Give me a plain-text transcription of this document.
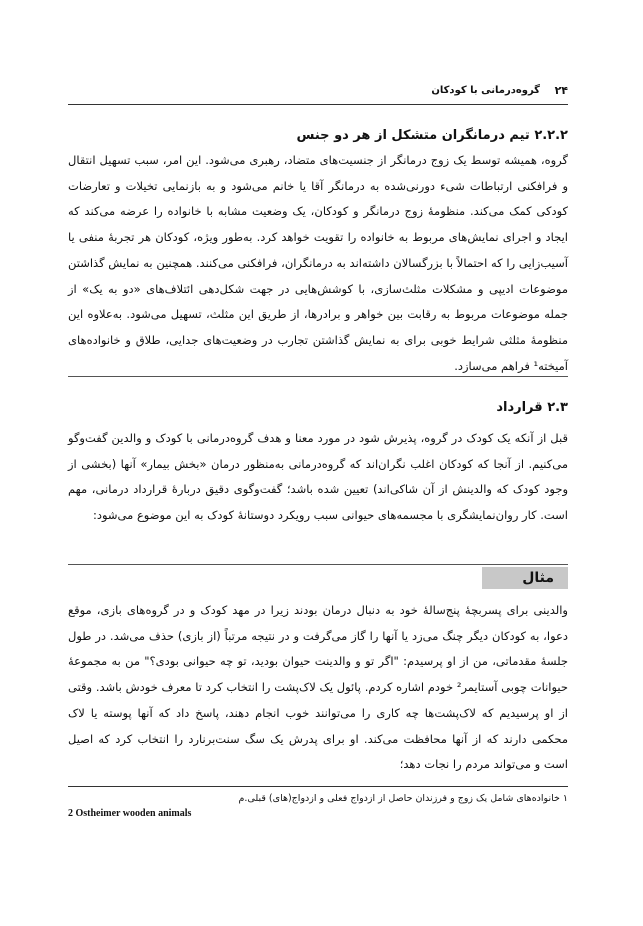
۲۴
گروه‌درمانی با کودکان
۲.۲.۲ تیم درمانگران متشکل از هر دو جنس

گروه، همیشه توسط یک زوج درمانگر از جنسیت‌های متضاد، رهبری می‌شود. این امر، سبب تسهیل انتقال و فرافکنی ارتباطات شیء دورنی‌شده به درمانگر آقا یا خانم می‌شود و به بازنمایی تخیلات و تعارضات کودکی کمک می‌کند. منظومهٔ زوج درمانگر و کودکان، یک وضعیت مشابه با خانواده را عرضه می‌کند که ایجاد و اجرای نمایش‌های مربوط به خانواده را تقویت خواهد کرد. به‌طور ویژه، کودکان هر تجربهٔ منفی یا آسیب‌زایی را که احتمالاً با بزرگسالان داشته‌اند به درمانگران، فرافکنی می‌کنند. همچنین به نمایش گذاشتن موضوعات ادیپی و مشکلات مثلث‌سازی، با کوشش‌هایی در جهت شکل‌دهی ائتلاف‌های «دو به یک» از جمله موضوعات مربوط به رقابت بین خواهر و برادرها، از طریق این مثلث، تسهیل می‌شود. به‌علاوه این منظومهٔ مثلثی شرایط خوبی برای به نمایش گذاشتن تجارب در وضعیت‌های جدایی، طلاق و خانواده‌های آمیخته¹ فراهم می‌سازد.

۲.۳ قرارداد

قبل از آنکه یک کودک در گروه، پذیرش شود در مورد معنا و هدف گروه‌درمانی با کودک و والدین گفت‌وگو می‌کنیم. از آنجا که کودکان اغلب نگران‌اند که گروه‌درمانی به‌منظور درمان «بخش بیمار» آنها (بخشی از وجود کودک که والدینش از آن شاکی‌اند) تعیین شده باشد؛ گفت‌وگوی دقیق دربارهٔ قرارداد درمانی، مهم است. کار روان‌نمایشگری با مجسمه‌های حیوانی سبب رویکرد دوستانهٔ کودک به این موضوع می‌شود:

مثال

والدینی برای پسربچهٔ پنج‌سالهٔ خود به دنبال درمان بودند زیرا در مهد کودک و در گروه‌های بازی، موقع دعوا، به کودکان دیگر چنگ می‌زد یا آنها را گاز می‌گرفت و در نتیجه مرتباً (از بازی) حذف می‌شد. در طول جلسهٔ مقدماتی، من از او پرسیدم: "اگر تو و والدینت حیوان بودید، تو چه حیوانی بودی؟" من به مجموعهٔ حیوانات چوبی آستایمر² خودم اشاره کردم. پائول یک لاک‌پشت را انتخاب کرد تا معرف خودش باشد. وقتی از او پرسیدیم که لاک‌پشت‌ها چه کاری را می‌توانند خوب انجام دهند، پاسخ داد که آنها پوسته یا لاک محکمی دارند که از آنها محافظت می‌کند. او برای پدرش یک سگ سنت‌برنارد را انتخاب کرد که اصیل است و می‌تواند مردم را نجات دهد؛

۱ خانواده‌های شامل یک زوج و فرزندان حاصل از ازدواج فعلی و ازدواج(های) قبلی.م

2 Ostheimer wooden animals
